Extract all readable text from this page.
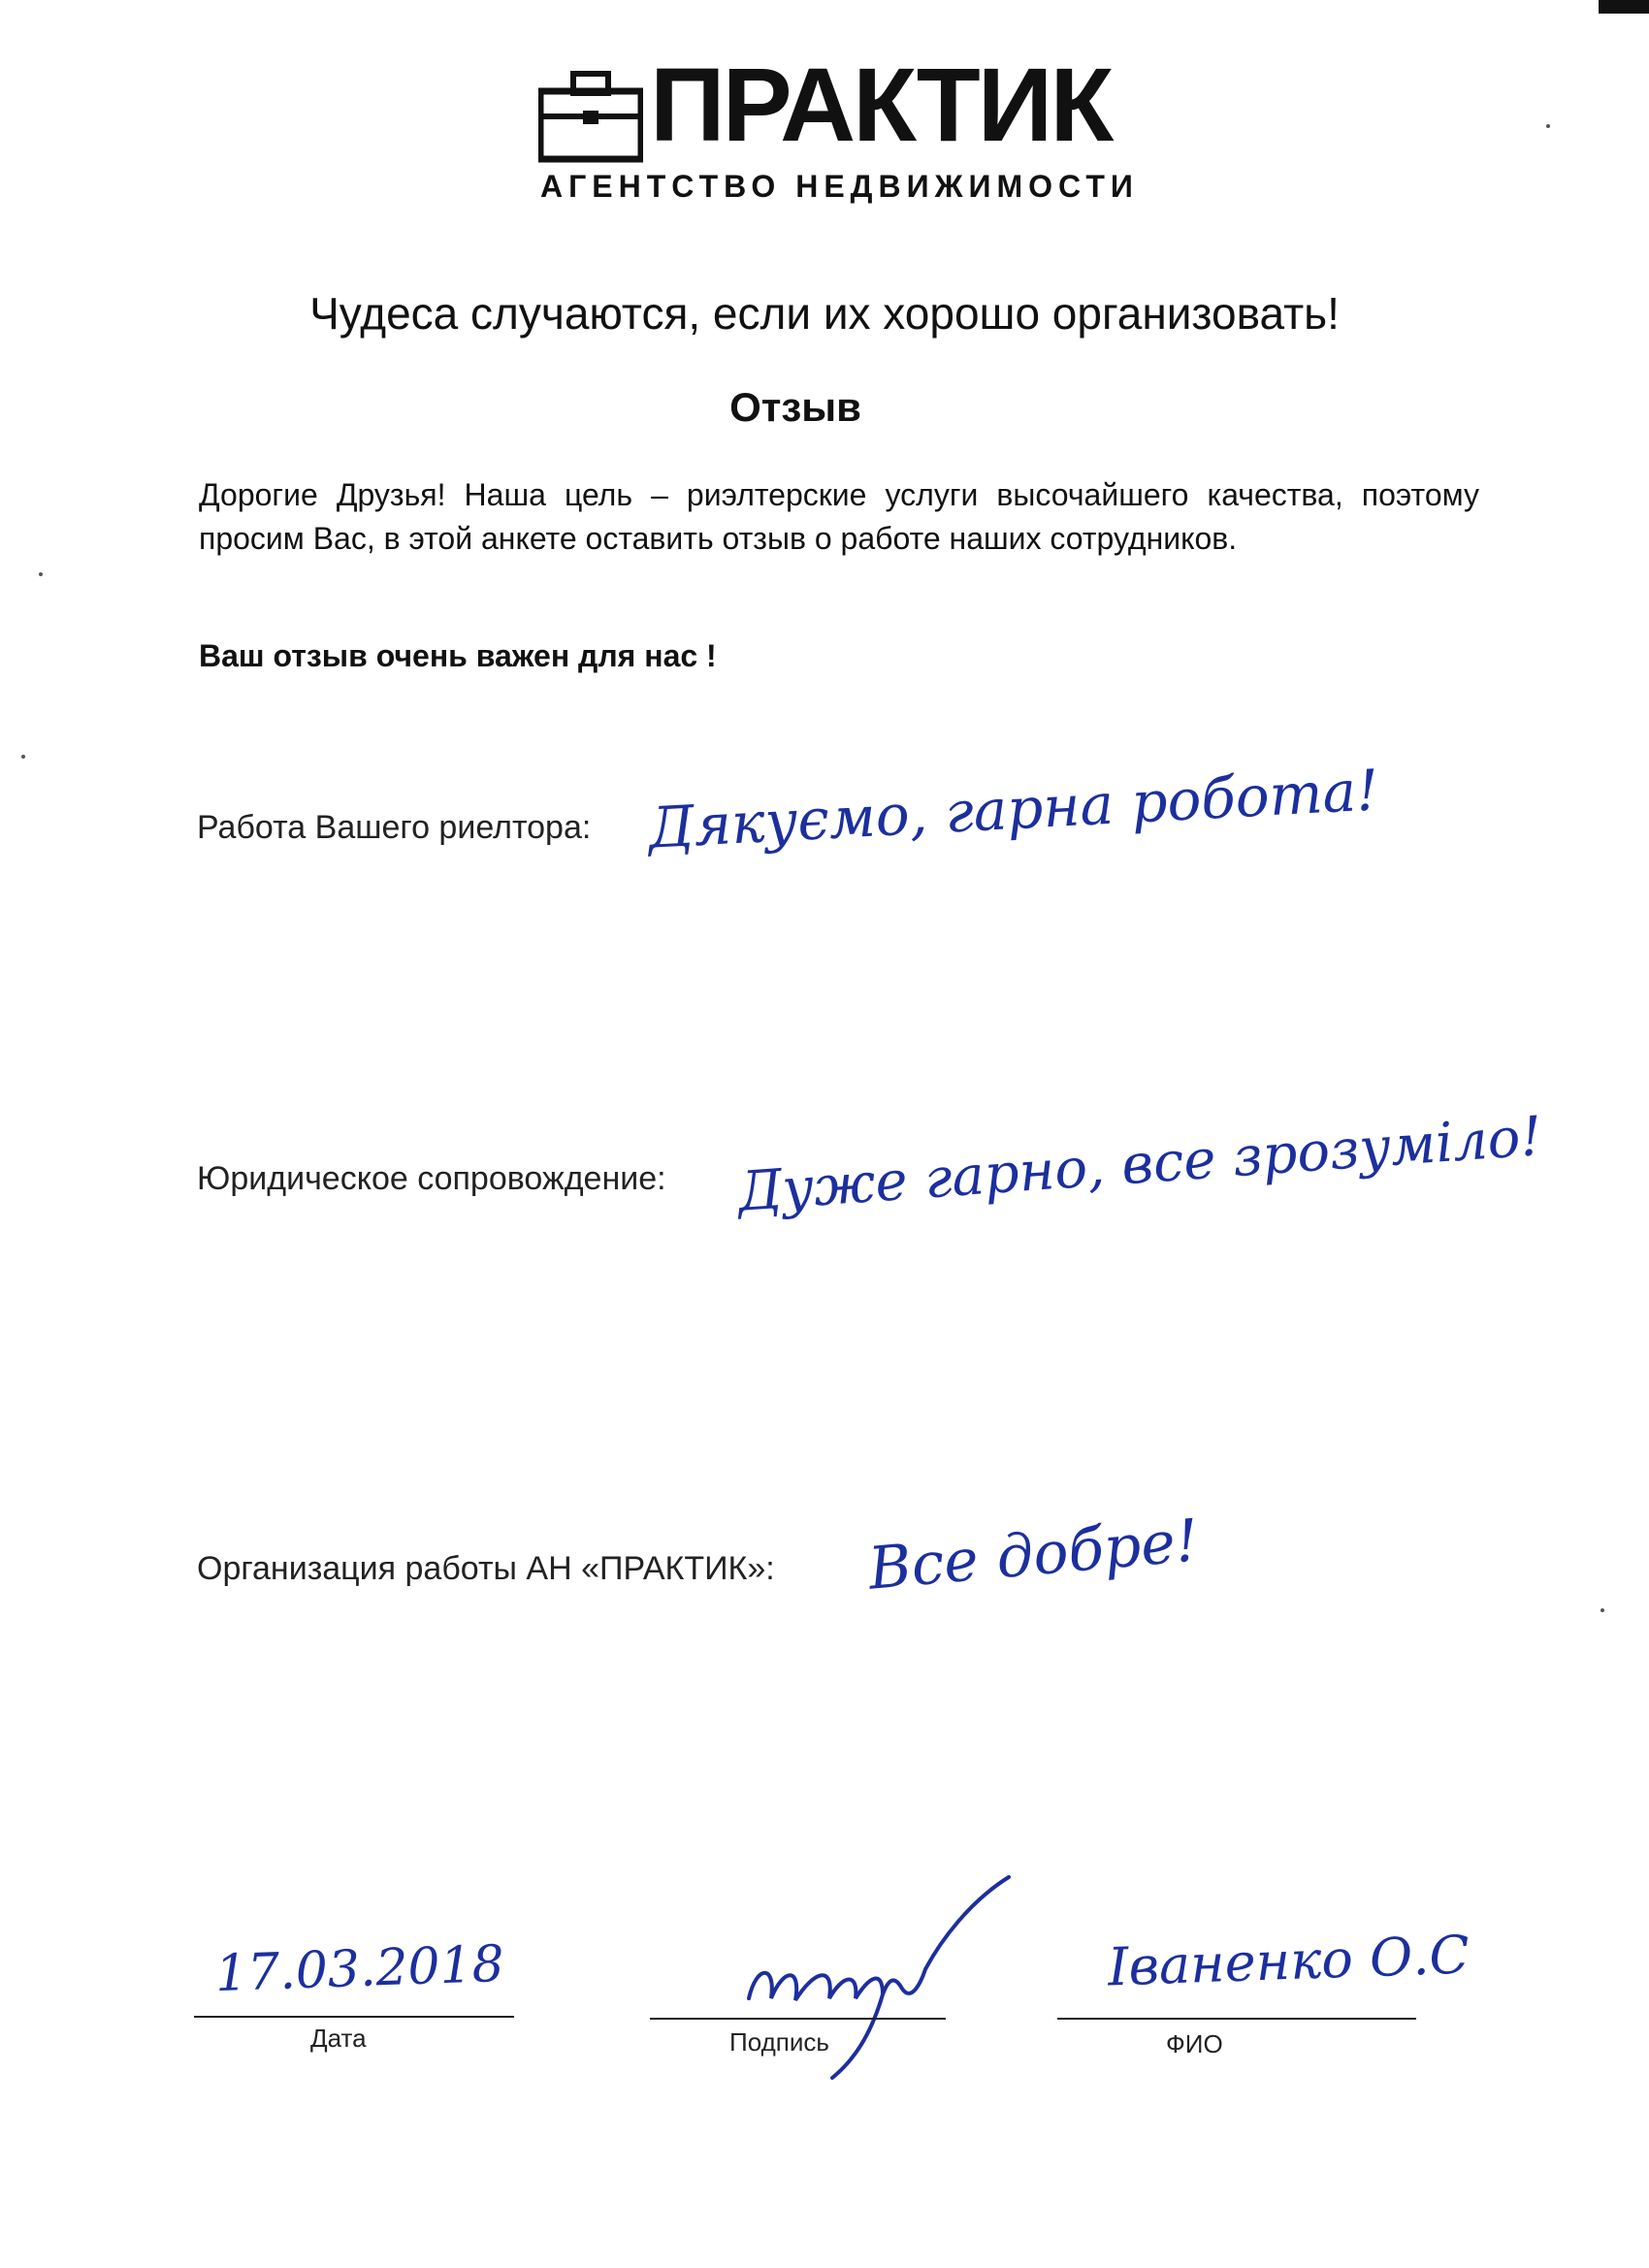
ПРАКТИК
АГЕНТСТВО НЕДВИЖИМОСТИ
Чудеса случаются, если их хорошо организовать!
Отзыв
Дорогие Друзья! Наша цель – риэлтерские услуги высочайшего качества, поэтому просим Вас, в этой анкете оставить отзыв о работе наших сотрудников.
Ваш отзыв очень важен для нас !
Работа Вашего риелтора: Дякуємо, гарна робота!
Юридическое сопровождение: Дуже гарно, все зрозуміло!
Организация работы АН «ПРАКТИК»: Все добре!
17.03.2018
Дата	Подпись
Іваненко О.С
ФИО
